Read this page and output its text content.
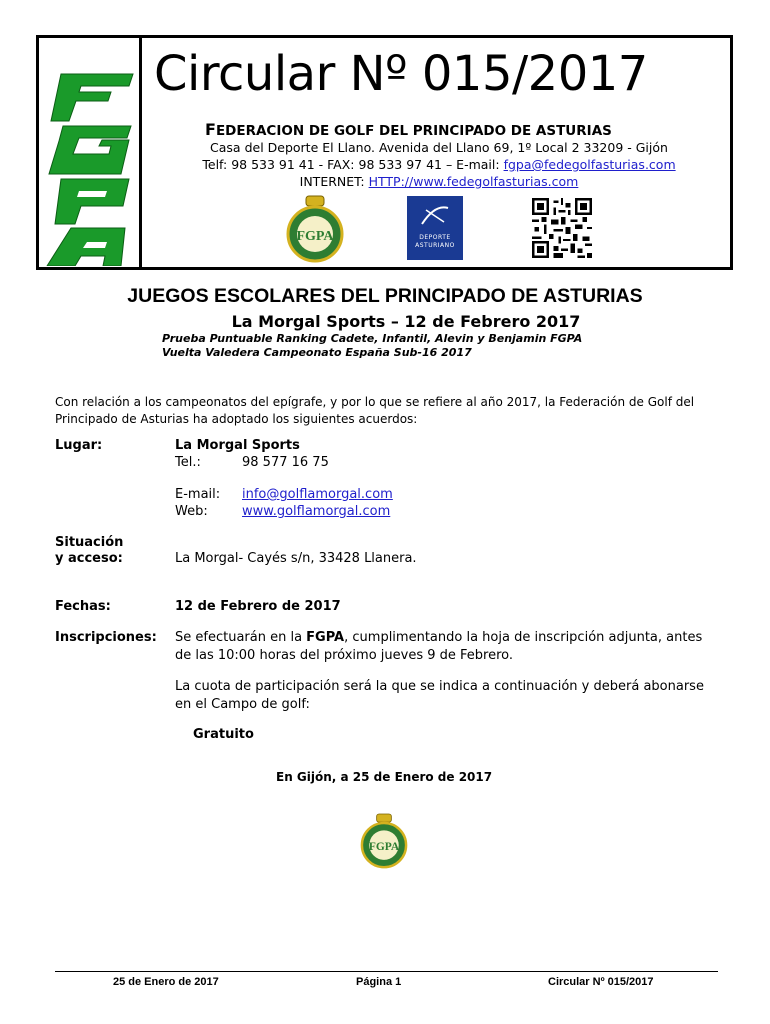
Circular Nº 015/2017
FEDERACION DE GOLF DEL PRINCIPADO DE ASTURIAS
Casa del Deporte El Llano. Avenida del Llano 69, 1º Local 2 33209 - Gijón
Telf: 98 533 91 41 - FAX: 98 533 97 41 – E-mail: fgpa@fedegolfasturias.com
INTERNET: HTTP://www.fedegolfasturias.com
FGPA	DEPORTE
ASTURIANO
JUEGOS ESCOLARES DEL PRINCIPADO DE ASTURIAS
La Morgal Sports – 12 de Febrero 2017
Prueba Puntuable Ranking Cadete, Infantil, Alevin y Benjamin FGPA
Vuelta Valedera Campeonato España Sub-16 2017
Con relación a los campeonatos del epígrafe, y por lo que se refiere al año 2017, la Federación de Golf del Principado de Asturias ha adoptado los siguientes acuerdos:
Lugar:	La Morgal Sports
Tel.:	98 577 16 75
E-mail: info@golflamorgal.com
Web:	www.golflamorgal.com
Situación
y acceso:	La Morgal- Cayés s/n, 33428 Llanera.
Fechas:	12 de Febrero de 2017
Inscripciones: Se efectuarán en la FGPA, cumplimentando la hoja de inscripción adjunta, antes de las 10:00 horas del próximo jueves 9 de Febrero.
La cuota de participación será la que se indica a continuación y deberá abonarse en el Campo de golf:
Gratuito
En Gijón, a 25 de Enero de 2017
FGPA
25 de Enero de 2017	Página 1	Circular Nº 015/2017
